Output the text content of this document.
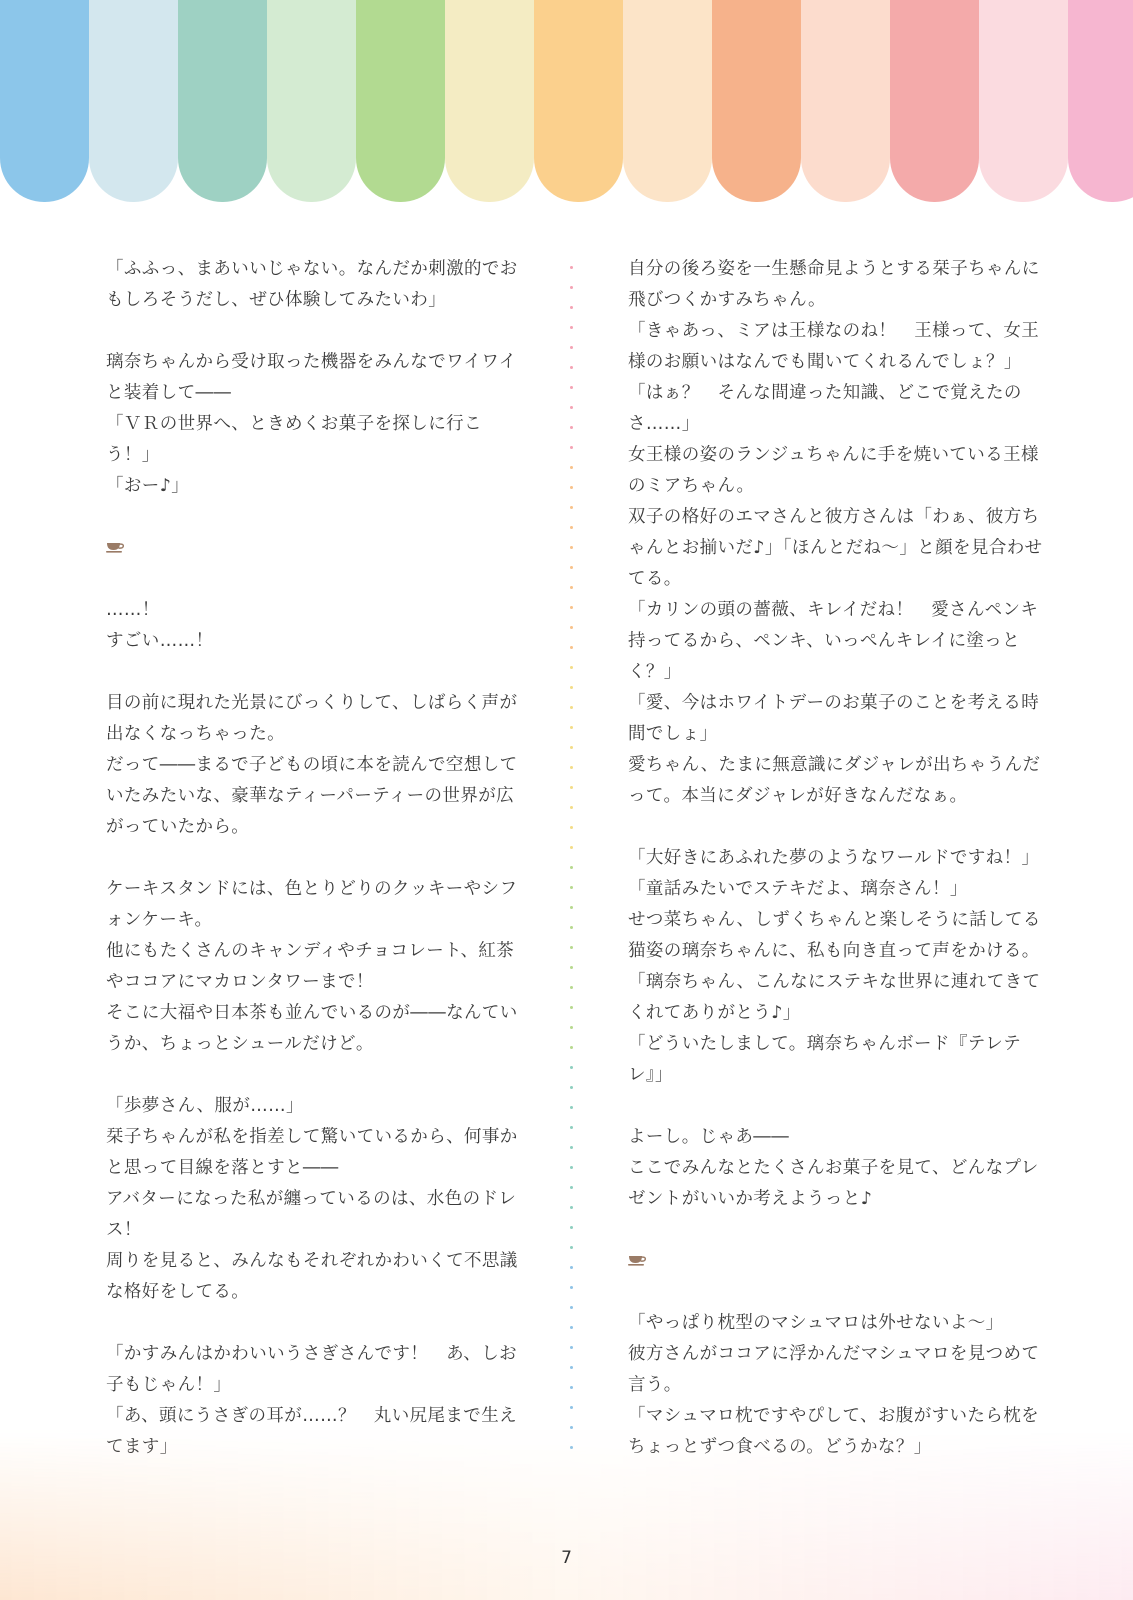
「ふふっ、まあいいじゃない。なんだか刺激的でおもしろそうだし、ぜひ体験してみたいわ」

璃奈ちゃんから受け取った機器をみんなでワイワイと装着して――

「ＶＲの世界へ、ときめくお菓子を探しに行こう！」

「おー♪」

……！

すごい……！

目の前に現れた光景にびっくりして、しばらく声が出なくなっちゃった。

だって――まるで子どもの頃に本を読んで空想していたみたいな、豪華なティーパーティーの世界が広がっていたから。

ケーキスタンドには、色とりどりのクッキーやシフォンケーキ。

他にもたくさんのキャンディやチョコレート、紅茶やココアにマカロンタワーまで！

そこに大福や日本茶も並んでいるのが――なんていうか、ちょっとシュールだけど。

「歩夢さん、服が……」

栞子ちゃんが私を指差して驚いているから、何事かと思って目線を落とすと――

アバターになった私が纏っているのは、水色のドレス！

周りを見ると、みんなもそれぞれかわいくて不思議な格好をしてる。

「かすみんはかわいいうさぎさんです！　あ、しお子もじゃん！」

「あ、頭にうさぎの耳が……？　丸い尻尾まで生え

自分の後ろ姿を一生懸命見ようとする栞子ちゃんに飛びつくかすみちゃん。

「きゃあっ、ミアは王様なのね！　王様って、女王様のお願いはなんでも聞いてくれるんでしょ？」

「はぁ？　そんな間違った知識、どこで覚えたのさ……」

女王様の姿のランジュちゃんに手を焼いている王様のミアちゃん。

双子の格好のエマさんと彼方さんは「わぁ、彼方ちゃんとお揃いだ♪」「ほんとだね〜」と顔を見合わせてる。

「カリンの頭の薔薇、キレイだね！　愛さんペンキ持ってるから、ペンキ、いっぺんキレイに塗っとく？」

「愛、今はホワイトデーのお菓子のことを考える時間でしょ」

愛ちゃん、たまに無意識にダジャレが出ちゃうんだって。本当にダジャレが好きなんだなぁ。

「大好きにあふれた夢のようなワールドですね！」

「童話みたいでステキだよ、璃奈さん！」

せつ菜ちゃん、しずくちゃんと楽しそうに話してる猫姿の璃奈ちゃんに、私も向き直って声をかける。

「璃奈ちゃん、こんなにステキな世界に連れてきてくれてありがとう♪」

「どういたしまして。璃奈ちゃんボード『テレテレ』」

よーし。じゃあ――

ここでみんなとたくさんお菓子を見て、どんなプレゼントがいいか考えようっと♪

「やっぱり枕型のマシュマロは外せないよ〜」

彼方さんがココアに浮かんだマシュマロを見つめて言う。

「マシュマロ枕ですやぴして、お腹がすいたら枕を

7
